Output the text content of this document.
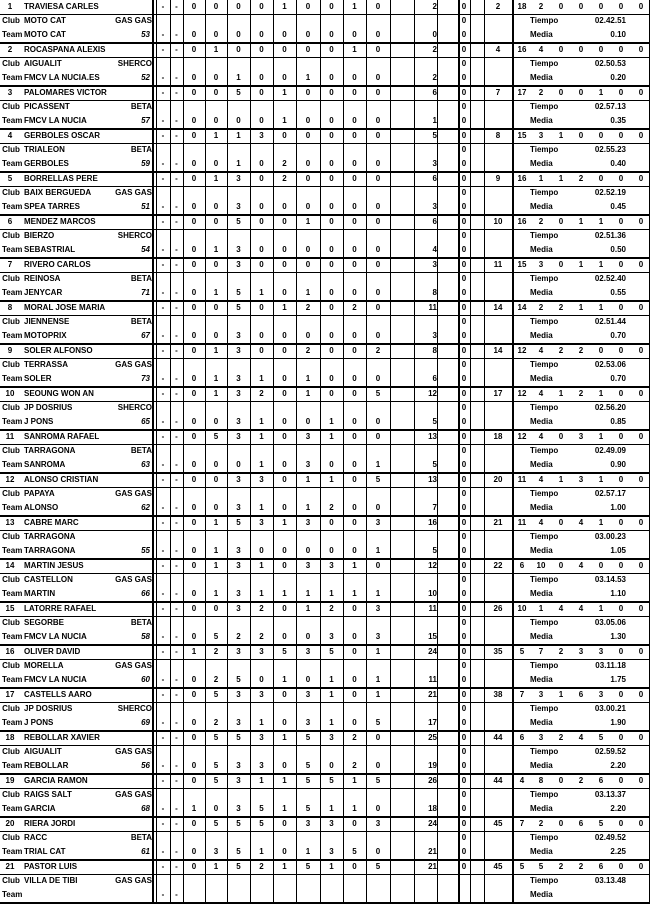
1	TRAVIESA CARLES	-	-	0	0	0	0	1	0	0	1	0	2	0	2	18	2	0	0	0	0	0
Club MOTO CAT	GAS GAS	0	Tiempo	02.42.51
Team MOTO CAT	53	-	-	0	0	0	0	0	0	0	0	0	0	0	Media	0.10
2	ROCASPANA ALEXIS	-	-	0	1	0	0	0	0	0	1	0	2	0	4	16	4	0	0	0	0	0
Club AIGUALIT	SHERCO	0	Tiempo	02.50.53
Team FMCV LA NUCIA.ES	52	-	-	0	0	1	0	0	1	0	0	0	2	0	Media	0.20
3	PALOMARES VICTOR	-	-	0	0	5	0	1	0	0	0	0	6	0	7	17	2	0	0	1	0	0
Club PICASSENT	BETA	0	Tiempo	02.57.13
Team FMCV LA NUCIA	57	-	-	0	0	0	0	1	0	0	0	0	1	0	Media	0.35
4	GERBOLES OSCAR	-	-	0	1	1	3	0	0	0	0	0	5	0	8	15	3	1	0	0	0	0
Club TRIALEON	BETA	0	Tiempo	02.55.23
Team GERBOLES	59	-	-	0	0	1	0	2	0	0	0	0	3	0	Media	0.40
5	BORRELLAS PERE	-	-	0	1	3	0	2	0	0	0	0	6	0	9	16	1	1	2	0	0	0
Club BAIX BERGUEDA	GAS GAS	0	Tiempo	02.52.19
Team SPEA TARRES	51	-	-	0	0	3	0	0	0	0	0	0	3	0	Media	0.45
6	MENDEZ MARCOS	-	-	0	0	5	0	0	1	0	0	0	6	0	10	16	2	0	1	1	0	0
Club BIERZO	SHERCO	0	Tiempo	02.51.36
Team SEBASTRIAL	54	-	-	0	1	3	0	0	0	0	0	0	4	0	Media	0.50
7	RIVERO CARLOS	-	-	0	0	3	0	0	0	0	0	0	3	0	11	15	3	0	1	1	0	0
Club REINOSA	BETA	0	Tiempo	02.52.40
Team JENYCAR	71	-	-	0	1	5	1	0	1	0	0	0	8	0	Media	0.55
8	MORAL JOSE MARIA	-	-	0	0	5	0	1	2	0	2	0	11	0	14	14	2	2	1	1	0	0
Club JIENNENSE	BETA	0	Tiempo	02.51.44
Team MOTOPRIX	67	-	-	0	0	3	0	0	0	0	0	0	3	0	Media	0.70
9	SOLER ALFONSO	-	-	0	1	3	0	0	2	0	0	2	8	0	14	12	4	2	2	0	0	0
Club TERRASSA	GAS GAS	0	Tiempo	02.53.06
Team SOLER	73	-	-	0	1	3	1	0	1	0	0	0	6	0	Media	0.70
10	SEOUNG WON AN	-	-	0	1	3	2	0	1	0	0	5	12	0	17	12	4	1	2	1	0	0
Club JP DOSRIUS	SHERCO	0	Tiempo	02.56.20
Team J PONS	65	-	-	0	0	3	1	0	0	1	0	0	5	0	Media	0.85
11	SANROMA RAFAEL	-	-	0	5	3	1	0	3	1	0	0	13	0	18	12	4	0	3	1	0	0
Club TARRAGONA	BETA	0	Tiempo	02.49.09
Team SANROMA	63	-	-	0	0	0	1	0	3	0	0	1	5	0	Media	0.90
12	ALONSO CRISTIAN	-	-	0	0	3	3	0	1	1	0	5	13	0	20	11	4	1	3	1	0	0
Club PAPAYA	GAS GAS	0	Tiempo	02.57.17
Team ALONSO	62	-	-	0	0	3	1	0	1	2	0	0	7	0	Media	1.00
13	CABRE MARC	-	-	0	1	5	3	1	3	0	0	3	16	0	21	11	4	0	4	1	0	0
Club TARRAGONA	0	Tiempo	03.00.23
Team TARRAGONA	55	-	-	0	1	3	0	0	0	0	0	1	5	0	Media	1.05
14	MARTIN JESUS	-	-	0	1	3	1	0	3	3	1	0	12	0	22	6	10	0	4	0	0	0
Club CASTELLON	GAS GAS	0	Tiempo	03.14.53
Team MARTIN	66	-	-	0	1	3	1	1	1	1	1	1	10	0	Media	1.10
15	LATORRE RAFAEL	-	-	0	0	3	2	0	1	2	0	3	11	0	26	10	1	4	4	1	0	0
Club SEGORBE	BETA	0	Tiempo	03.05.06
Team FMCV LA NUCIA	58	-	-	0	5	2	2	0	0	3	0	3	15	0	Media	1.30
16	OLIVER DAVID	-	-	1	2	3	3	5	3	5	0	1	24	0	35	5	7	2	3	3	0	0
Club MORELLA	GAS GAS	0	Tiempo	03.11.18
Team FMCV LA NUCIA	60	-	-	0	2	5	0	1	0	1	0	1	11	0	Media	1.75
17	CASTELLS AARO	-	-	0	5	3	3	0	3	1	0	1	21	0	38	7	3	1	6	3	0	0
Club JP DOSRIUS	SHERCO	0	Tiempo	03.00.21
Team J PONS	69	-	-	0	2	3	1	0	3	1	0	5	17	0	Media	1.90
18	REBOLLAR XAVIER	-	-	0	5	5	3	1	5	3	2	0	25	0	44	6	3	2	4	5	0	0
Club AIGUALIT	GAS GAS	0	Tiempo	02.59.52
Team REBOLLAR	56	-	-	0	5	3	3	0	5	0	2	0	19	0	Media	2.20
19	GARCIA RAMON	-	-	0	5	3	1	1	5	5	1	5	26	0	44	4	8	0	2	6	0	0
Club RAIGS SALT	GAS GAS	0	Tiempo	03.13.37
Team GARCIA	68	-	-	1	0	3	5	1	5	1	1	0	18	0	Media	2.20
20	RIERA JORDI	-	-	0	5	5	5	0	3	3	0	3	24	0	45	7	2	0	6	5	0	0
Club RACC	BETA	0	Tiempo	02.49.52
Team TRIAL CAT	61	-	-	0	3	5	1	0	1	3	5	0	21	0	Media	2.25
21	PASTOR LUIS	-	-	0	1	5	2	1	5	1	0	5	21	0	45	5	5	2	2	6	0	0
Club VILLA DE TIBI	GAS GAS	Tiempo	03.13.48
Team	-	-	Media
